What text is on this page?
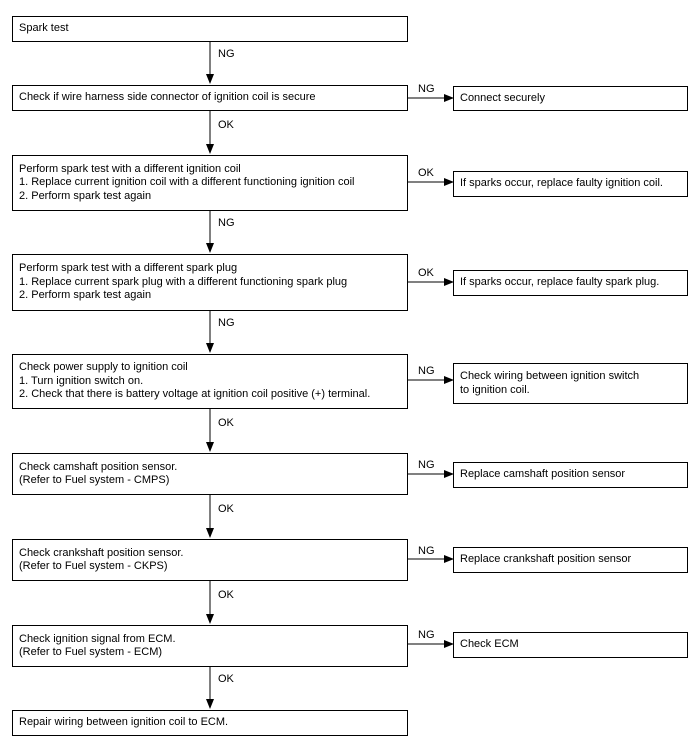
Spark test
Check if wire harness side connector of ignition coil is secure
Perform spark test with a different ignition coil
1. Replace current ignition coil with a different functioning ignition coil
2. Perform spark test again
Perform spark test with a different spark plug
1. Replace current spark plug with a different functioning spark plug
2. Perform spark test again
Check power supply to ignition coil
1. Turn ignition switch on.
2. Check that there is battery voltage at ignition coil positive (+) terminal.
Check camshaft position sensor.
(Refer to Fuel system - CMPS)
Check crankshaft position sensor.
(Refer to Fuel system - CKPS)
Check ignition signal from ECM.
(Refer to Fuel system - ECM)
Repair wiring between ignition coil to ECM.
NG
OK
NG
NG
OK
OK
OK
OK
NG
OK
OK
NG
NG
NG
NG
Connect securely
If sparks occur, replace faulty ignition coil.
If sparks occur, replace faulty spark plug.
Check wiring between ignition switch
to ignition coil.
Replace camshaft position sensor
Replace crankshaft position sensor
Check ECM
